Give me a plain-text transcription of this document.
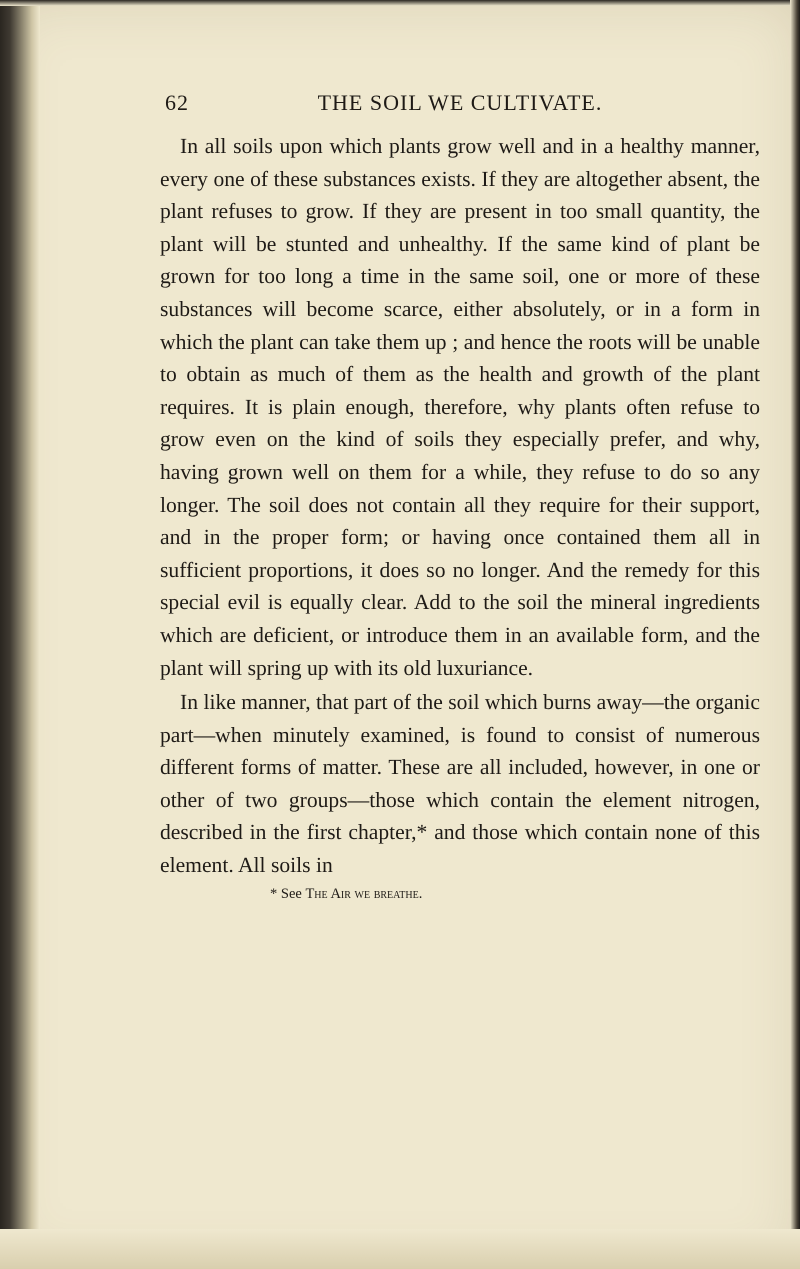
62	THE SOIL WE CULTIVATE.

In all soils upon which plants grow well and in a healthy manner, every one of these substances exists. If they are altogether absent, the plant refuses to grow. If they are present in too small quantity, the plant will be stunted and unhealthy. If the same kind of plant be grown for too long a time in the same soil, one or more of these substances will become scarce, either absolutely, or in a form in which the plant can take them up ; and hence the roots will be unable to obtain as much of them as the health and growth of the plant requires. It is plain enough, therefore, why plants often refuse to grow even on the kind of soils they especially prefer, and why, having grown well on them for a while, they refuse to do so any longer. The soil does not contain all they require for their support, and in the proper form; or having once contained them all in sufficient proportions, it does so no longer. And the remedy for this special evil is equally clear. Add to the soil the mineral ingredients which are deficient, or introduce them in an available form, and the plant will spring up with its old luxuriance.

In like manner, that part of the soil which burns away—the organic part—when minutely examined, is found to consist of numerous different forms of matter. These are all included, however, in one or other of two groups—those which contain the element nitrogen, described in the first chapter,* and those which contain none of this element. All soils in

* See The Air we breathe.
